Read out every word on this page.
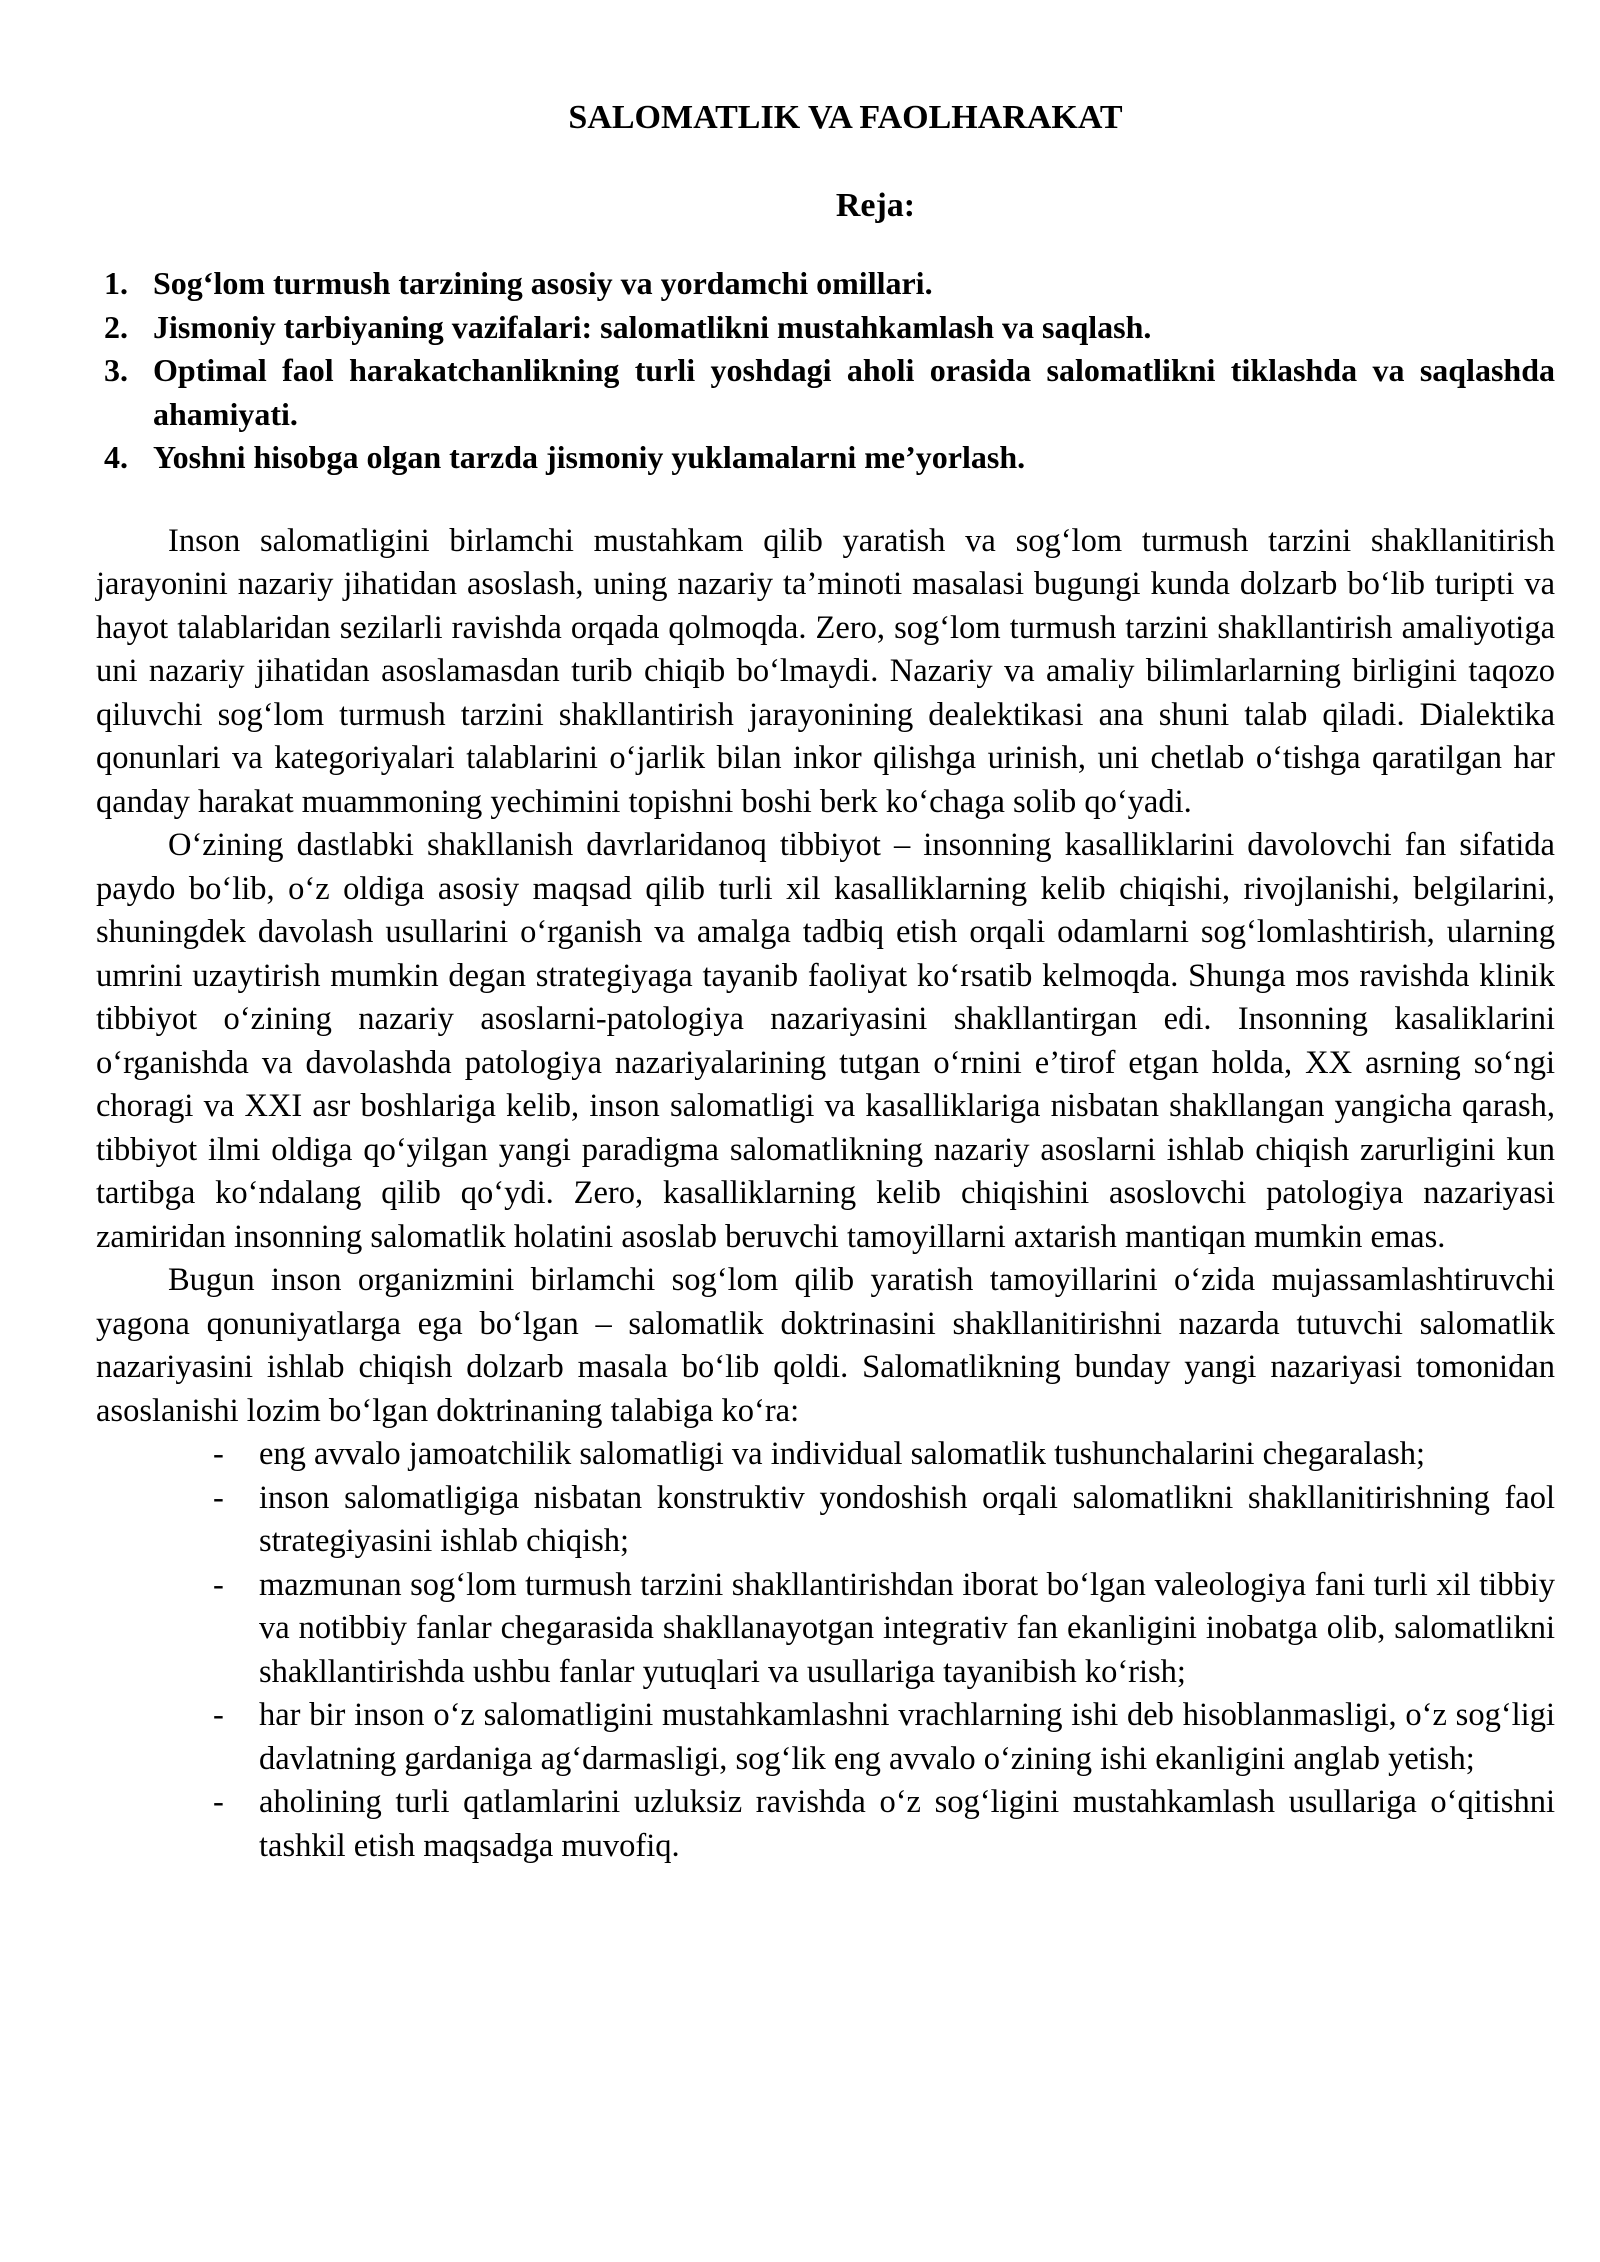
SALOMATLIK VA FAOLHARAKAT
Reja:
1. Sog‘lom turmush tarzining asosiy va yordamchi omillari.
2. Jismoniy tarbiyaning vazifalari: salomatlikni mustahkamlash va saqlash.
3. Optimal faol harakatchanlikning turli yoshdagi aholi orasida salomatlikni tiklashda va saqlashda ahamiyati.
4. Yoshni hisobga olgan tarzda jismoniy yuklamalarni me’yorlash.

Inson salomatligini birlamchi mustahkam qilib yaratish va sog‘lom turmush tarzini shakllanitirish jarayonini nazariy jihatidan asoslash, uning nazariy ta’minoti masalasi bugungi kunda dolzarb bo‘lib turipti va hayot talablaridan sezilarli ravishda orqada qolmoqda. Zero, sog‘lom turmush tarzini shakllantirish amaliyotiga uni nazariy jihatidan asoslamasdan turib chiqib bo‘lmaydi. Nazariy va amaliy bilimlarlarning birligini taqozo qiluvchi sog‘lom turmush tarzini shakllantirish jarayonining dealektikasi ana shuni talab qiladi. Dialektika qonunlari va kategoriyalari talablarini o‘jarlik bilan inkor qilishga urinish, uni chetlab o‘tishga qaratilgan har qanday harakat muammoning yechimini topishni boshi berk ko‘chaga solib qo‘yadi.

O‘zining dastlabki shakllanish davrlaridanoq tibbiyot – insonning kasalliklarini davolovchi fan sifatida paydo bo‘lib, o‘z oldiga asosiy maqsad qilib turli xil kasalliklarning kelib chiqishi, rivojlanishi, belgilarini, shuningdek davolash usullarini o‘rganish va amalga tadbiq etish orqali odamlarni sog‘lomlashtirish, ularning umrini uzaytirish mumkin degan strategiyaga tayanib faoliyat ko‘rsatib kelmoqda. Shunga mos ravishda klinik tibbiyot o‘zining nazariy asoslarni-patologiya nazariyasini shakllantirgan edi. Insonning kasaliklarini o‘rganishda va davolashda patologiya nazariyalarining tutgan o‘rnini e’tirof etgan holda, XX asrning so‘ngi choragi va XXI asr boshlariga kelib, inson salomatligi va kasalliklariga nisbatan shakllangan yangicha qarash, tibbiyot ilmi oldiga qo‘yilgan yangi paradigma salomatlikning nazariy asoslarni ishlab chiqish zarurligini kun tartibga ko‘ndalang qilib qo‘ydi. Zero, kasalliklarning kelib chiqishini asoslovchi patologiya nazariyasi zamiridan insonning salomatlik holatini asoslab beruvchi tamoyillarni axtarish mantiqan mumkin emas.

Bugun inson organizmini birlamchi sog‘lom qilib yaratish tamoyillarini o‘zida mujassamlashtiruvchi yagona qonuniyatlarga ega bo‘lgan – salomatlik doktrinasini shakllanitirishni nazarda tutuvchi salomatlik nazariyasini ishlab chiqish dolzarb masala bo‘lib qoldi. Salomatlikning bunday yangi nazariyasi tomonidan asoslanishi lozim bo‘lgan doktrinaning talabiga ko‘ra:

- eng avvalo jamoatchilik salomatligi va individual salomatlik tushunchalarini chegaralash;
- inson salomatligiga nisbatan konstruktiv yondoshish orqali salomatlikni shakllanitirishning faol strategiyasini ishlab chiqish;
- mazmunan sog‘lom turmush tarzini shakllantirishdan iborat bo‘lgan valeologiya fani turli xil tibbiy va notibbiy fanlar chegarasida shakllanayotgan integrativ fan ekanligini inobatga olib, salomatlikni shakllantirishda ushbu fanlar yutuqlari va usullariga tayanibish ko‘rish;
- har bir inson o‘z salomatligini mustahkamlashni vrachlarning ishi deb hisoblanmasligi, o‘z sog‘ligi davlatning gardaniga ag‘darmasligi, sog‘lik eng avvalo o‘zining ishi ekanligini anglab yetish;
- aholining turli qatlamlarini uzluksiz ravishda o‘z sog‘ligini mustahkamlash usullariga o‘qitishni tashkil etish maqsadga muvofiq.
